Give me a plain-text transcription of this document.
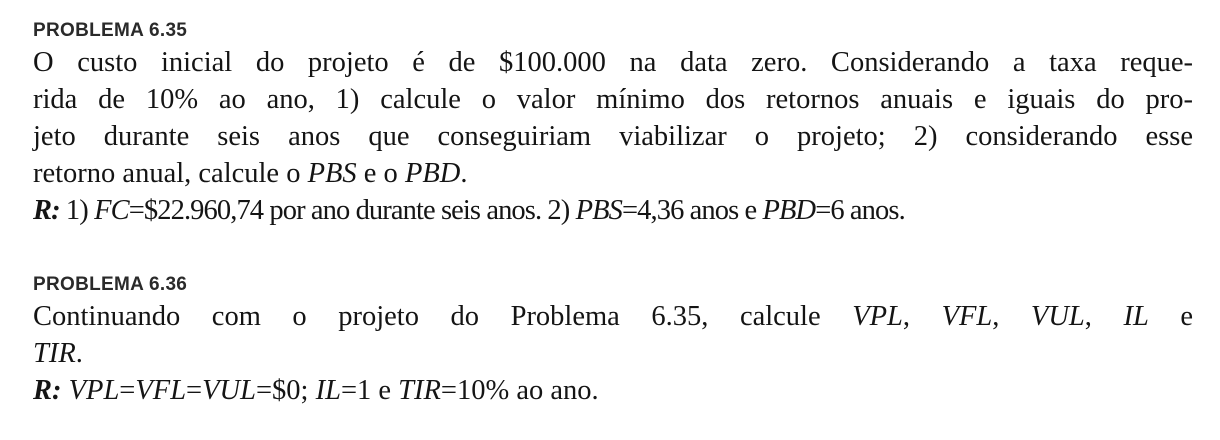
PROBLEMA 6.35

O custo inicial do projeto é de $100.000 na data zero. Considerando a taxa reque-
rida de 10% ao ano, 1) calcule o valor mínimo dos retornos anuais e iguais do pro-
jeto durante seis anos que conseguiriam viabilizar o projeto; 2) considerando esse
retorno anual, calcule o PBS e o PBD.

R: 1) FC=$22.960,74 por ano durante seis anos. 2) PBS=4,36 anos e PBD=6 anos.

PROBLEMA 6.36

Continuando com o projeto do Problema 6.35, calcule VPL, VFL, VUL, IL e
TIR.

R: VPL=VFL=VUL=$0; IL=1 e TIR=10% ao ano.
